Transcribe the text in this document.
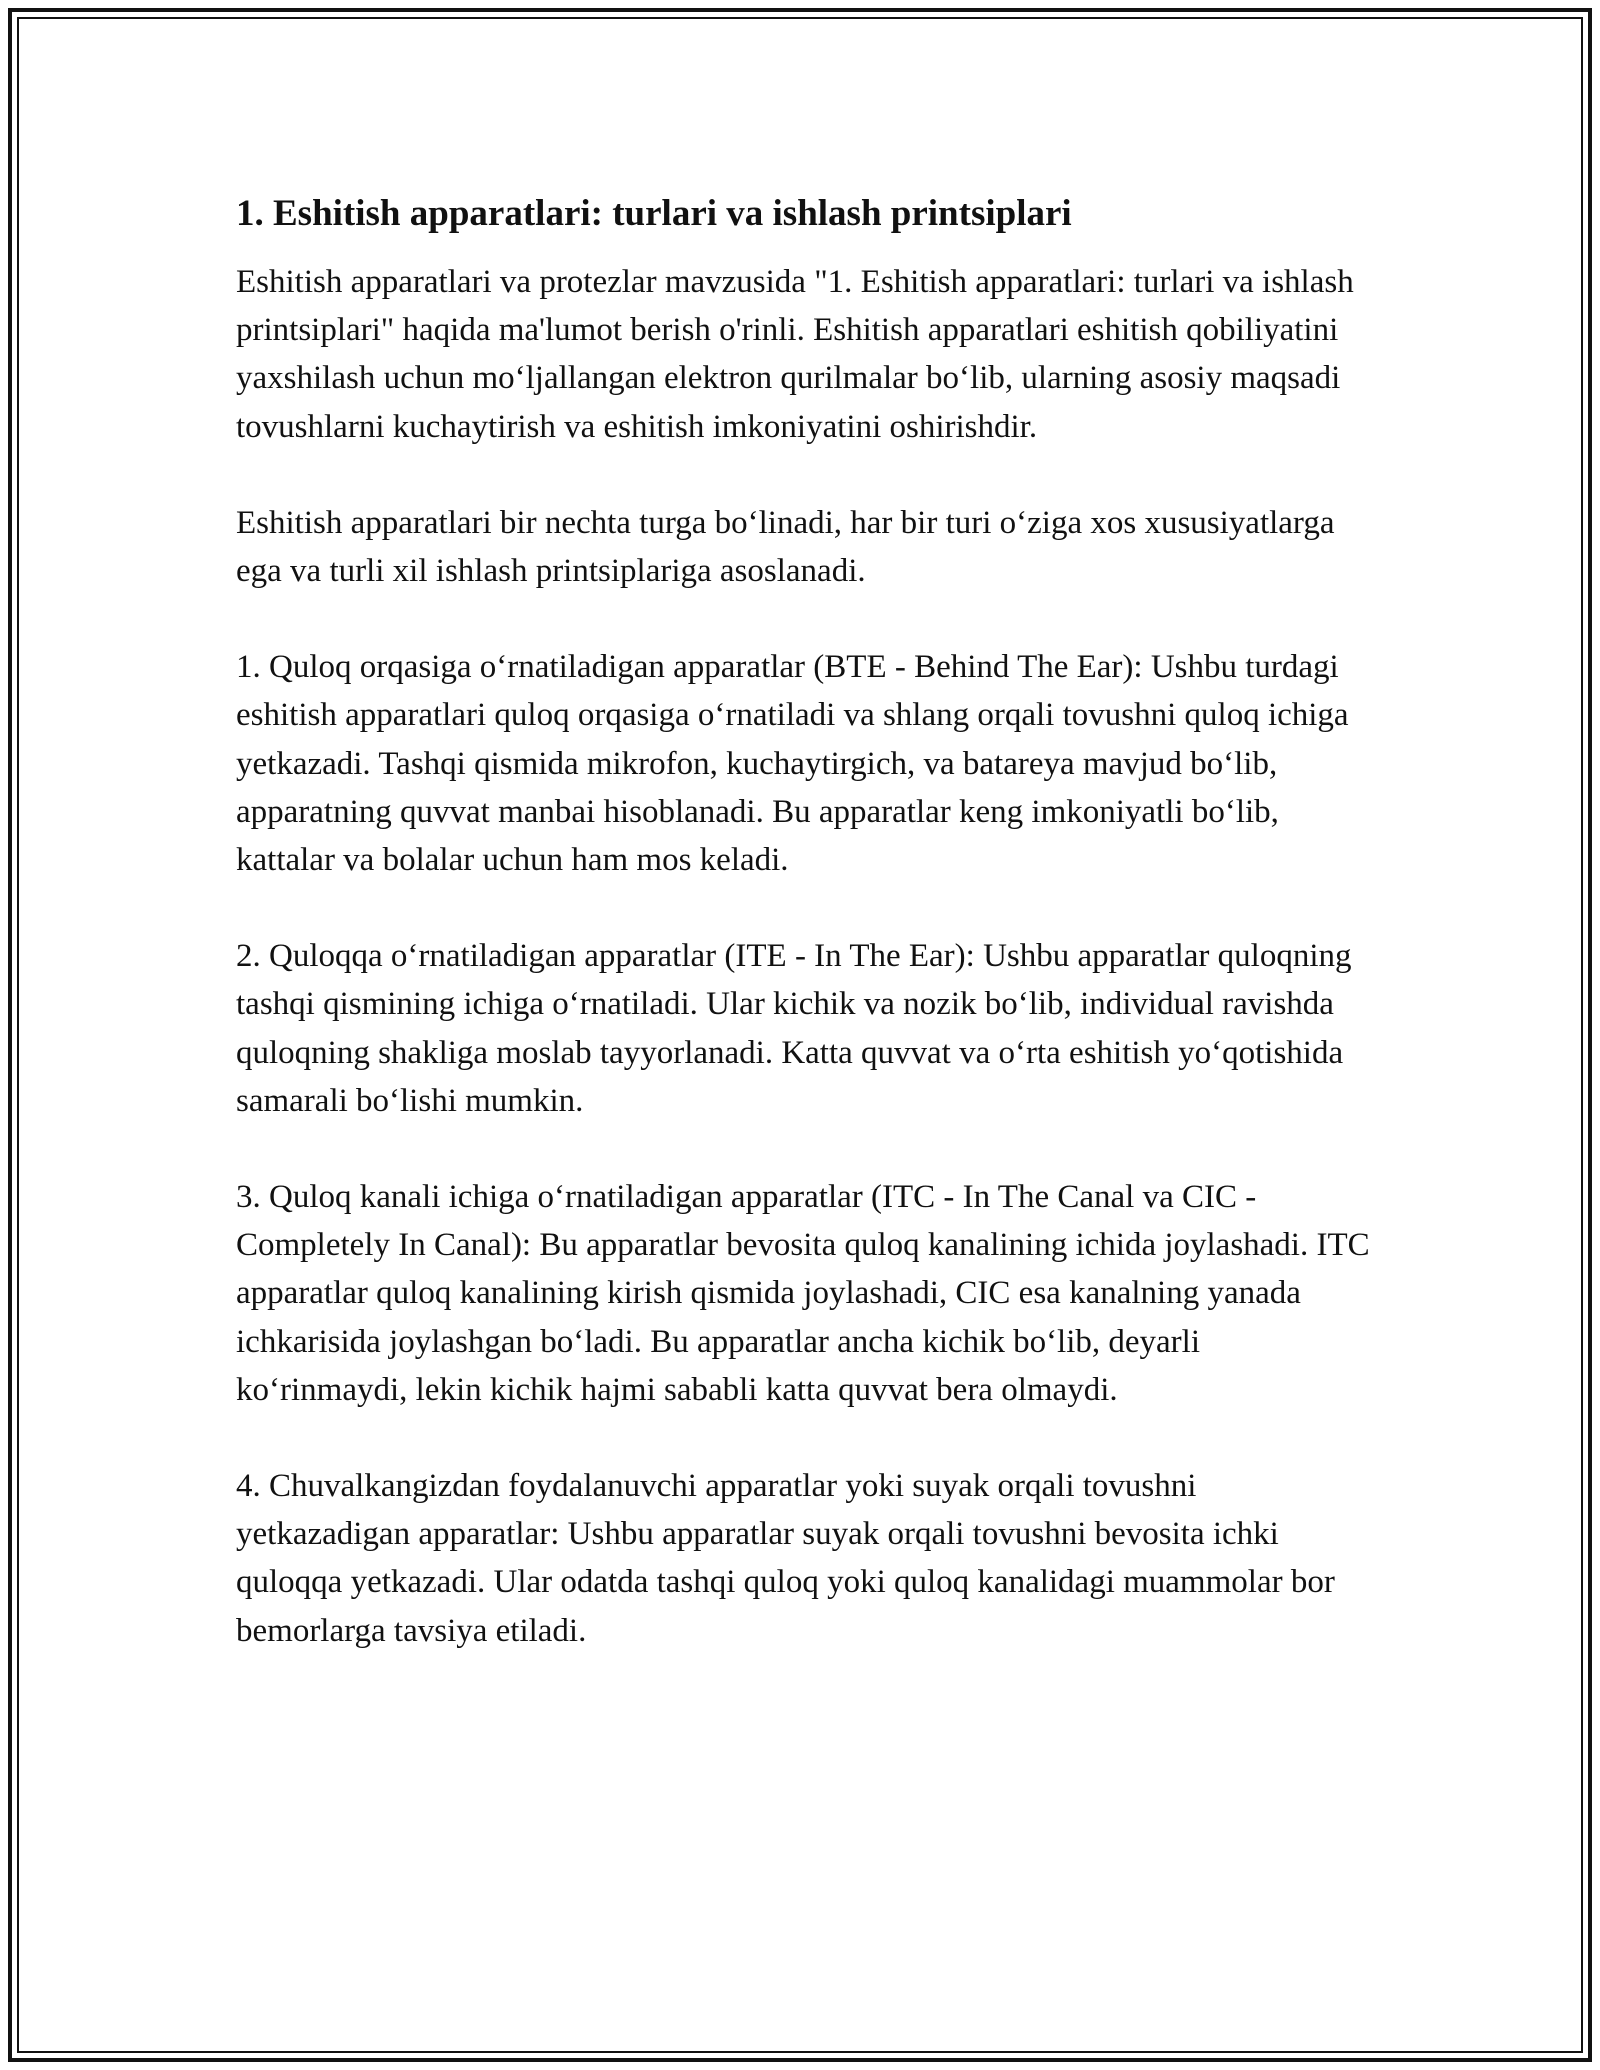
1. Eshitish apparatlari: turlari va ishlash printsiplari

Eshitish apparatlari va protezlar mavzusida "1. Eshitish apparatlari: turlari va ishlash printsiplari" haqida ma'lumot berish o'rinli. Eshitish apparatlari eshitish qobiliyatini yaxshilash uchun mo‘ljallangan elektron qurilmalar bo‘lib, ularning asosiy maqsadi tovushlarni kuchaytirish va eshitish imkoniyatini oshirishdir.

Eshitish apparatlari bir nechta turga bo‘linadi, har bir turi o‘ziga xos xususiyatlarga ega va turli xil ishlash printsiplariga asoslanadi.

1. Quloq orqasiga o‘rnatiladigan apparatlar (BTE - Behind The Ear): Ushbu turdagi eshitish apparatlari quloq orqasiga o‘rnatiladi va shlang orqali tovushni quloq ichiga yetkazadi. Tashqi qismida mikrofon, kuchaytirgich, va batareya mavjud bo‘lib, apparatning quvvat manbai hisoblanadi. Bu apparatlar keng imkoniyatli bo‘lib, kattalar va bolalar uchun ham mos keladi.

2. Quloqqa o‘rnatiladigan apparatlar (ITE - In The Ear): Ushbu apparatlar quloqning tashqi qismining ichiga o‘rnatiladi. Ular kichik va nozik bo‘lib, individual ravishda quloqning shakliga moslab tayyorlanadi. Katta quvvat va o‘rta eshitish yo‘qotishida samarali bo‘lishi mumkin.

3. Quloq kanali ichiga o‘rnatiladigan apparatlar (ITC - In The Canal va CIC - Completely In Canal): Bu apparatlar bevosita quloq kanalining ichida joylashadi. ITC apparatlar quloq kanalining kirish qismida joylashadi, CIC esa kanalning yanada ichkarisida joylashgan bo‘ladi. Bu apparatlar ancha kichik bo‘lib, deyarli ko‘rinmaydi, lekin kichik hajmi sababli katta quvvat bera olmaydi.

4. Chuvalkangizdan foydalanuvchi apparatlar yoki suyak orqali tovushni yetkazadigan apparatlar: Ushbu apparatlar suyak orqali tovushni bevosita ichki quloqqa yetkazadi. Ular odatda tashqi quloq yoki quloq kanalidagi muammolar bor bemorlarga tavsiya etiladi.
